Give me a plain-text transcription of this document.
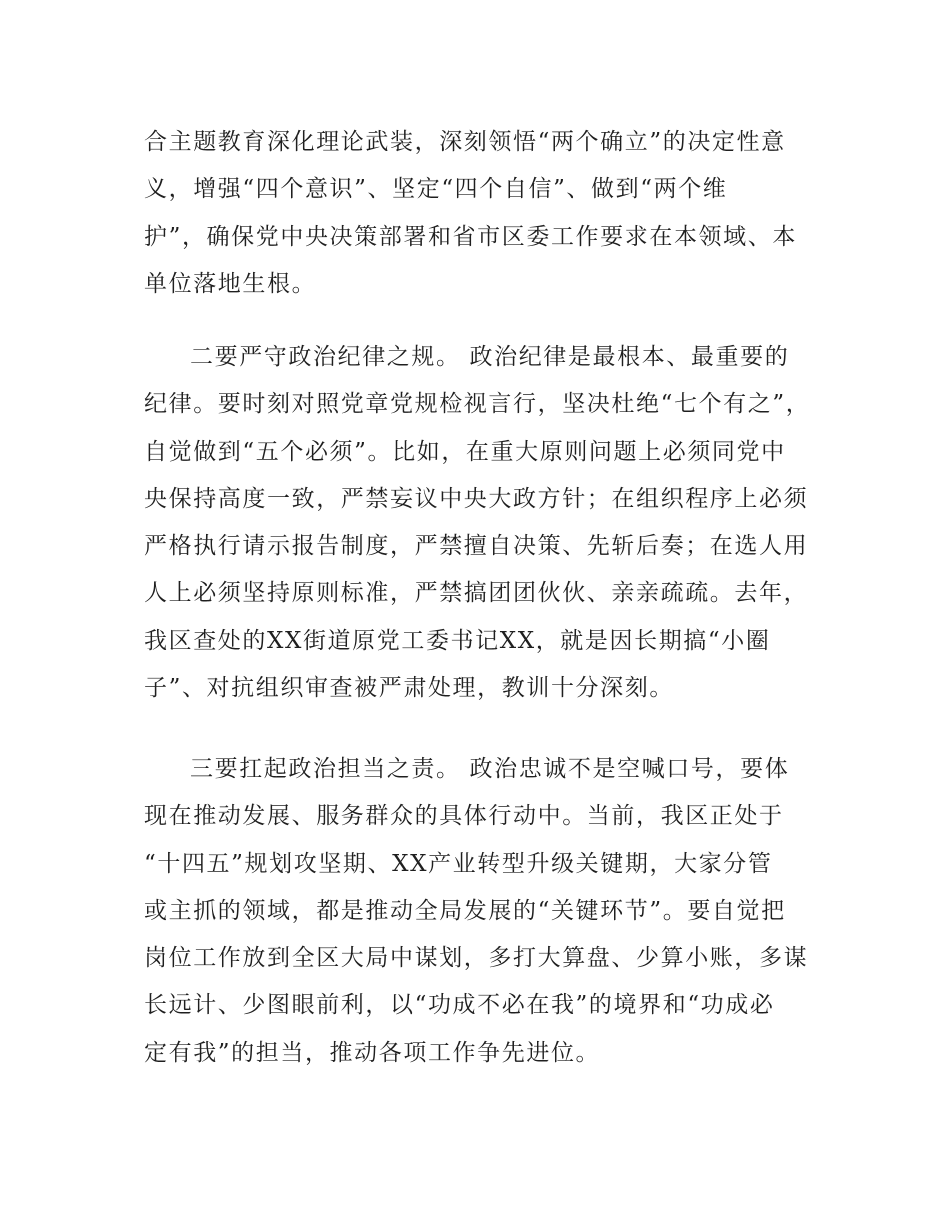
合主题教育深化理论武装，深刻领悟“两个确立”的决定性意
义，增强“四个意识”、坚定“四个自信”、做到“两个维
护”，确保党中央决策部署和省市区委工作要求在本领域、本
单位落地生根。
二要严守政治纪律之规。 政治纪律是最根本、最重要的
纪律。要时刻对照党章党规检视言行，坚决杜绝“七个有之”，
自觉做到“五个必须”。比如，在重大原则问题上必须同党中
央保持高度一致，严禁妄议中央大政方针；在组织程序上必须
严格执行请示报告制度，严禁擅自决策、先斩后奏；在选人用
人上必须坚持原则标准，严禁搞团团伙伙、亲亲疏疏。去年，
我区查处的XX街道原党工委书记XX，就是因长期搞“小圈
子”、对抗组织审查被严肃处理，教训十分深刻。
三要扛起政治担当之责。 政治忠诚不是空喊口号，要体
现在推动发展、服务群众的具体行动中。当前，我区正处于
“十四五”规划攻坚期、XX产业转型升级关键期，大家分管
或主抓的领域，都是推动全局发展的“关键环节”。要自觉把
岗位工作放到全区大局中谋划，多打大算盘、少算小账，多谋
长远计、少图眼前利，以“功成不必在我”的境界和“功成必
定有我”的担当，推动各项工作争先进位。
